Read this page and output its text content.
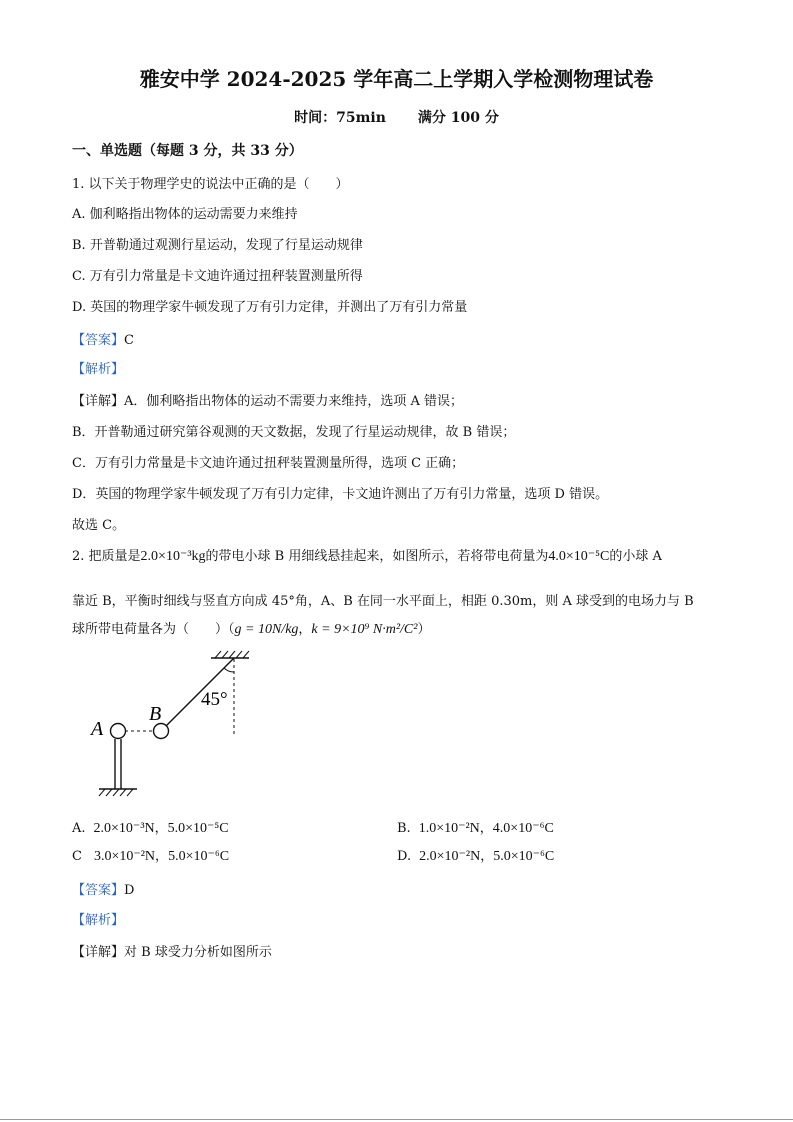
雅安中学 2024-2025 学年高二上学期入学检测物理试卷
时间：75min 满分 100 分
一、单选题（每题 3 分，共 33 分）
1. 以下关于物理学史的说法中正确的是（　　）
A. 伽利略指出物体的运动需要力来维持
B. 开普勒通过观测行星运动，发现了行星运动规律
C. 万有引力常量是卡文迪许通过扭秤装置测量所得
D. 英国的物理学家牛顿发现了万有引力定律，并测出了万有引力常量
【答案】C
【解析】
【详解】A．伽利略指出物体的运动不需要力来维持，选项 A 错误；
B．开普勒通过研究第谷观测的天文数据，发现了行星运动规律，故 B 错误；
C．万有引力常量是卡文迪许通过扭秤装置测量所得，选项 C 正确；
D．英国的物理学家牛顿发现了万有引力定律，卡文迪许测出了万有引力常量，选项 D 错误。
故选 C。
2. 把质量是2.0×10⁻³kg的带电小球 B 用细线悬挂起来，如图所示，若将带电荷量为4.0×10⁻⁵C的小球 A
靠近 B，平衡时细线与竖直方向成 45°角，A、B 在同一水平面上，相距 0.30m，则 A 球受到的电场力与 B
球所带电荷量各为（　　）（g = 10N/kg，k = 9×10⁹ N·m²/C²）
45°
B
A
A. 2.0×10⁻³N，5.0×10⁻⁵C	B. 1.0×10⁻²N，4.0×10⁻⁶C
C 3.0×10⁻²N，5.0×10⁻⁶C	D. 2.0×10⁻²N，5.0×10⁻⁶C
【答案】D
【解析】
【详解】对 B 球受力分析如图所示
